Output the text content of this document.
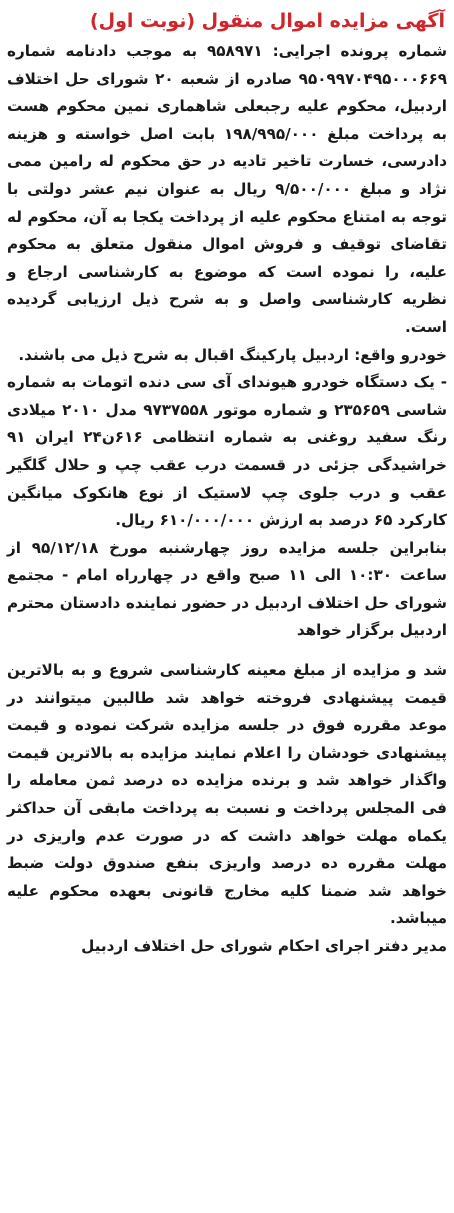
آگهی مزایده اموال منقول (نوبت اول)

شماره پرونده اجرایی: ۹۵۸۹۷۱ به موجب دادنامه شماره ۹۵۰۹۹۷۰۴۹۵۰۰۰۶۶۹ صادره از شعبه ۲۰ شورای حل اختلاف اردبیل، محکوم علیه رجبعلی شاهماری نمین محکوم هست به پرداخت مبلغ ۱۹۸/۹۹۵/۰۰۰ بابت اصل خواسته و هزینه دادرسی، خسارت تاخیر تادیه در حق محکوم له رامین ممی نژاد و مبلغ ۹/۵۰۰/۰۰۰ ریال به عنوان نیم عشر دولتی با توجه به امتناع محکوم علیه از پرداخت یکجا به آن، محکوم له تقاضای توقیف و فروش اموال منقول متعلق به محکوم علیه، را نموده است که موضوع به کارشناسی ارجاع و نظریه کارشناسی واصل و به شرح ذیل ارزیابی گردیده است.

خودرو واقع: اردبیل پارکینگ اقبال به شرح ذیل می باشند.

- یک دستگاه خودرو هیوندای آی سی دنده اتومات به شماره شاسی ۲۳۵۶۵۹ و شماره موتور ۹۷۳۷۵۵۸ مدل ۲۰۱۰ میلادی رنگ سفید روغنی به شماره انتظامی ۶۱۶ن۲۴ ایران ۹۱ خراشیدگی جزئی در قسمت درب عقب چپ و حلال گلگیر عقب و درب جلوی چپ لاستیک از نوع هانکوک میانگین کارکرد ۶۵ درصد به ارزش ۶۱۰/۰۰۰/۰۰۰ ریال.

بنابراین جلسه مزایده روز چهارشنبه مورخ ۹۵/۱۲/۱۸ از ساعت ۱۰:۳۰ الی ۱۱ صبح واقع در چهارراه امام - مجتمع شورای حل اختلاف اردبیل در حضور نماینده دادستان محترم اردبیل برگزار خواهد

شد و مزایده از مبلغ معینه کارشناسی شروع و به بالاترین قیمت پیشنهادی فروخته خواهد شد طالبین میتوانند در موعد مقرره فوق در جلسه مزایده شرکت نموده و قیمت پیشنهادی خودشان را اعلام نمایند مزایده به بالاترین قیمت واگذار خواهد شد و برنده مزایده ده درصد ثمن معامله را فی المجلس پرداخت و نسبت به پرداخت مابقی آن حداکثر یکماه مهلت خواهد داشت که در صورت عدم واریزی در مهلت مقرره ده درصد واریزی بنفع صندوق دولت ضبط خواهد شد ضمنا کلیه مخارج قانونی بعهده محکوم علیه میباشد.

مدیر دفتر اجرای احکام شورای حل اختلاف اردبیل
